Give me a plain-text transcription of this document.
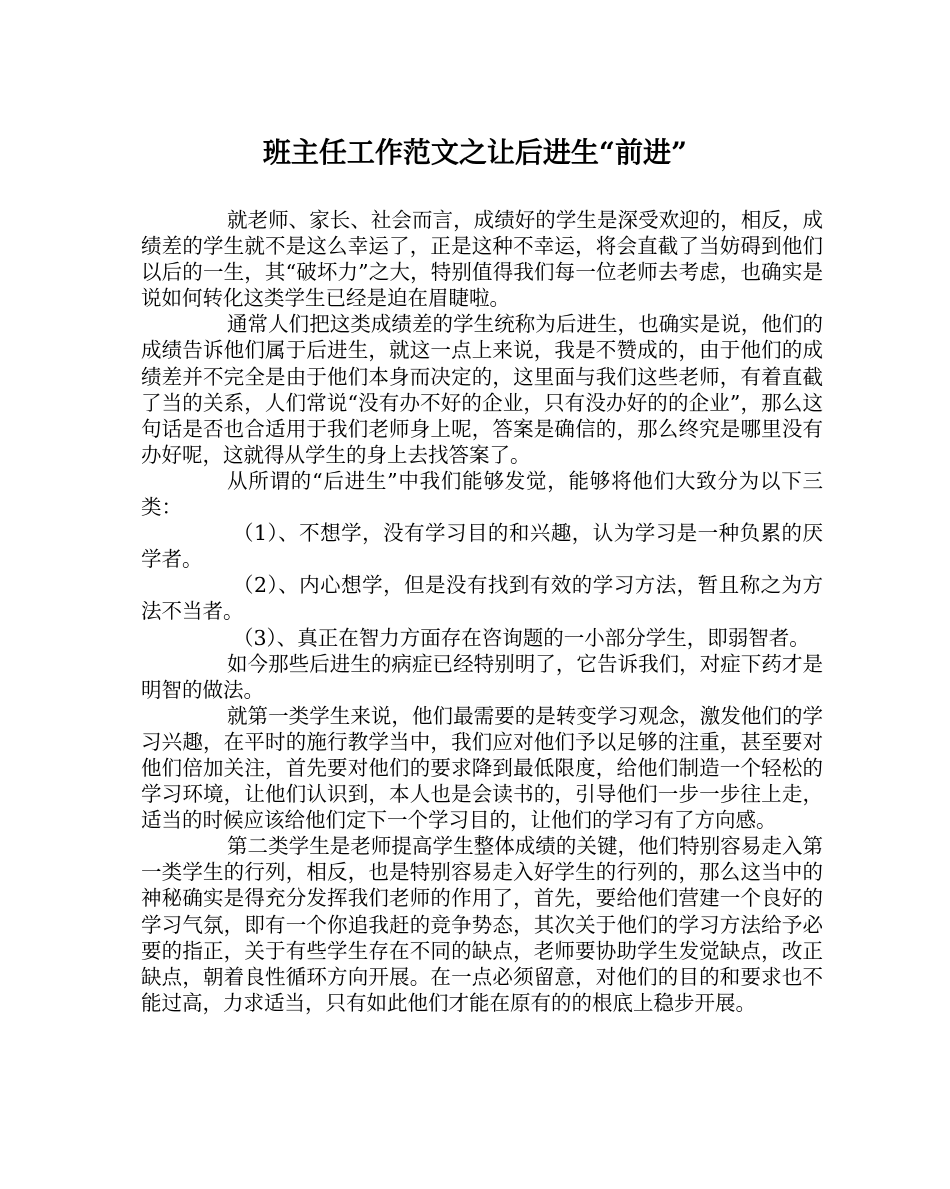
班主任工作范文之让后进生“前进”

就老师、家长、社会而言，成绩好的学生是深受欢迎的，相反，成绩差的学生就不是这么幸运了，正是这种不幸运，将会直截了当妨碍到他们以后的一生，其“破坏力”之大，特别值得我们每一位老师去考虑，也确实是说如何转化这类学生已经是迫在眉睫啦。

通常人们把这类成绩差的学生统称为后进生，也确实是说，他们的成绩告诉他们属于后进生，就这一点上来说，我是不赞成的，由于他们的成绩差并不完全是由于他们本身而决定的，这里面与我们这些老师，有着直截了当的关系，人们常说“没有办不好的企业，只有没办好的的企业”，那么这句话是否也合适用于我们老师身上呢，答案是确信的，那么终究是哪里没有办好呢，这就得从学生的身上去找答案了。

从所谓的“后进生”中我们能够发觉，能够将他们大致分为以下三类：

（1）、不想学，没有学习目的和兴趣，认为学习是一种负累的厌学者。

（2）、内心想学，但是没有找到有效的学习方法，暂且称之为方法不当者。

（3）、真正在智力方面存在咨询题的一小部分学生，即弱智者。

如今那些后进生的病症已经特别明了，它告诉我们，对症下药才是明智的做法。

就第一类学生来说，他们最需要的是转变学习观念，激发他们的学习兴趣，在平时的施行教学当中，我们应对他们予以足够的注重，甚至要对他们倍加关注，首先要对他们的要求降到最低限度，给他们制造一个轻松的学习环境，让他们认识到，本人也是会读书的，引导他们一步一步往上走，适当的时候应该给他们定下一个学习目的，让他们的学习有了方向感。

第二类学生是老师提高学生整体成绩的关键，他们特别容易走入第一类学生的行列，相反，也是特别容易走入好学生的行列的，那么这当中的神秘确实是得充分发挥我们老师的作用了，首先，要给他们营建一个良好的学习气氛，即有一个你追我赶的竞争势态，其次关于他们的学习方法给予必要的指正，关于有些学生存在不同的缺点，老师要协助学生发觉缺点，改正缺点，朝着良性循环方向开展。在一点必须留意，对他们的目的和要求也不能过高，力求适当，只有如此他们才能在原有的的根底上稳步开展。
